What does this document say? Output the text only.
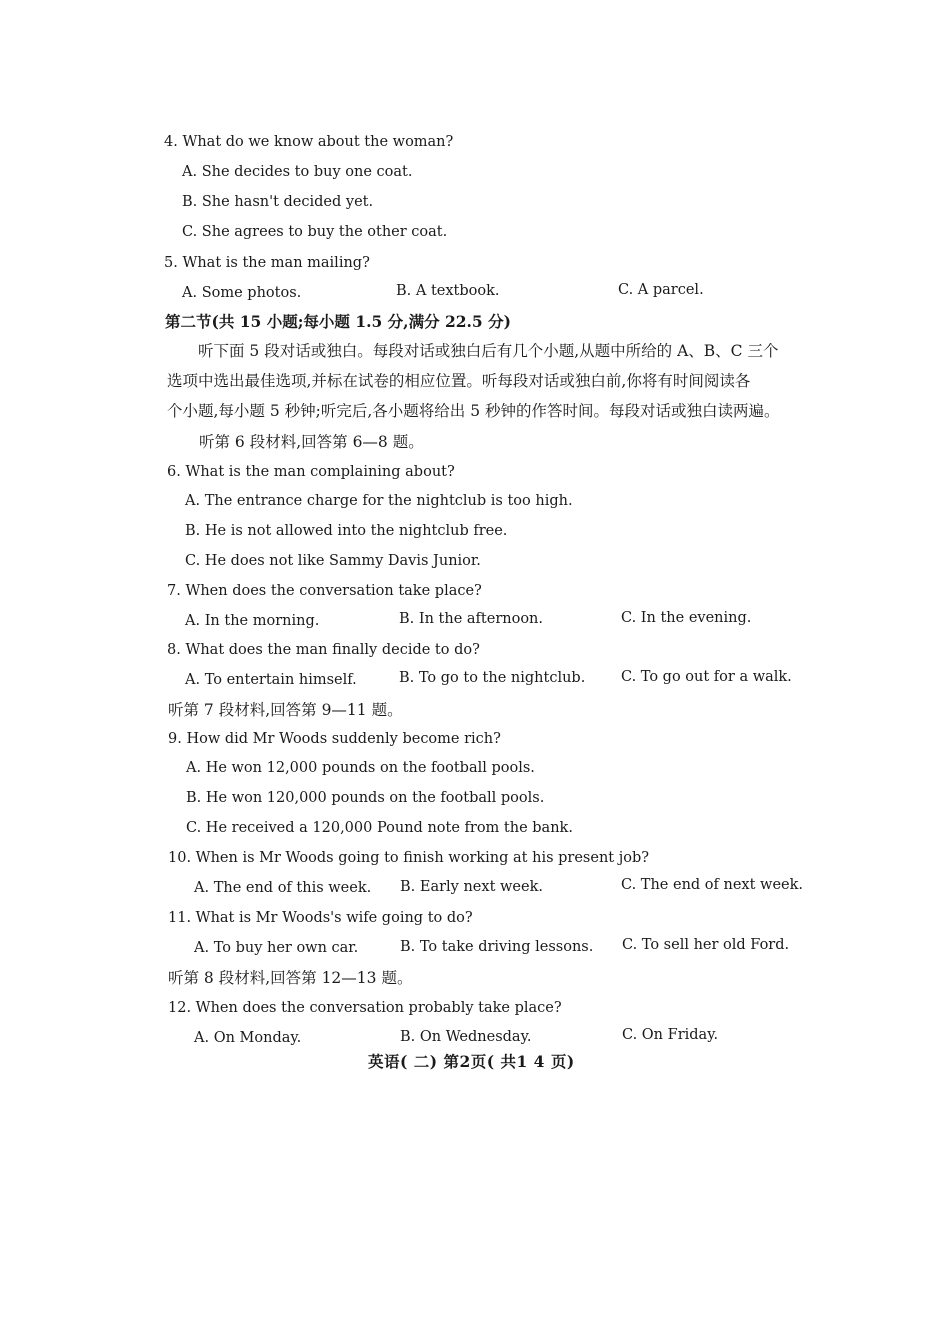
4. What do we know about the woman?

A. She decides to buy one coat.

B. She hasn't decided yet.

C. She agrees to buy the other coat.

5. What is the man mailing?

A. Some photos.	B. A textbook.	C. A parcel.

第二节(共 15 小题;每小题 1.5 分,满分 22.5 分)

听下面 5 段对话或独白。每段对话或独白后有几个小题,从题中所给的 A、B、C 三个

选项中选出最佳选项,并标在试卷的相应位置。听每段对话或独白前,你将有时间阅读各

个小题,每小题 5 秒钟;听完后,各小题将给出 5 秒钟的作答时间。每段对话或独白读两遍。

听第 6 段材料,回答第 6—8 题。

6. What is the man complaining about?

A. The entrance charge for the nightclub is too high.

B. He is not allowed into the nightclub free.

C. He does not like Sammy Davis Junior.

7. When does the conversation take place?

A. In the morning.	B. In the afternoon.	C. In the evening.

8. What does the man finally decide to do?

A. To entertain himself.	B. To go to the nightclub. C. To go out for a walk.

听第 7 段材料,回答第 9—11 题。

9. How did Mr Woods suddenly become rich?

A. He won 12,000 pounds on the football pools.

B. He won 120,000 pounds on the football pools.

C. He received a 120,000 Pound note from the bank.

10. When is Mr Woods going to finish working at his present job?

A. The end of this week. B. Early next week.	C. The end of next week.

11. What is Mr Woods's wife going to do?

A. To buy her own car.	B. To take driving lessons. C. To sell her old Ford.

听第 8 段材料,回答第 12—13 题。

12. When does the conversation probably take place?

A. On Monday.	B. On Wednesday.	C. On Friday.

英语( 二) 第2页( 共1 4 页)
